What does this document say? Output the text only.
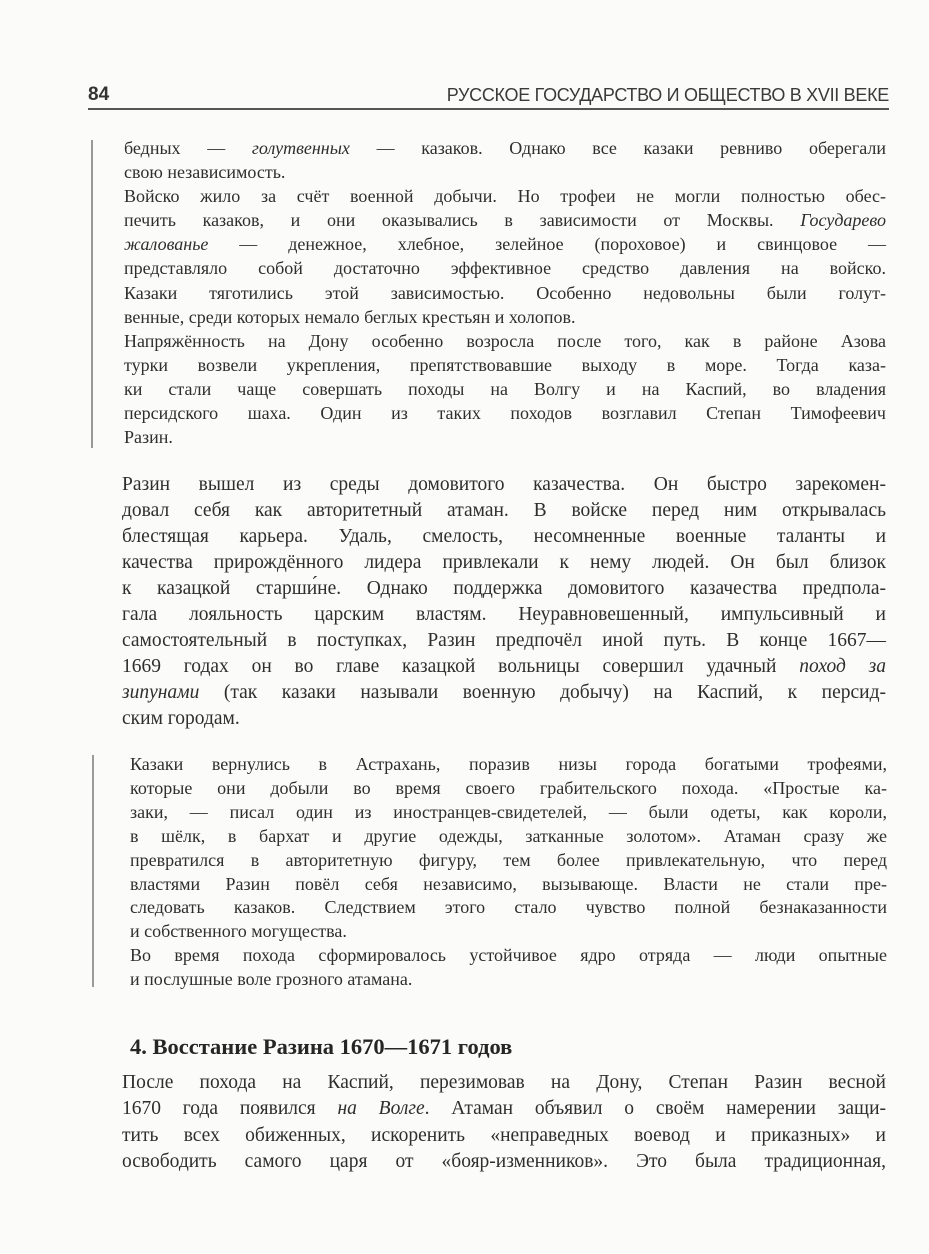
84	РУССКОЕ ГОСУДАРСТВО И ОБЩЕСТВО В XVII ВЕКЕ
бедных — голутвенных — казаков. Однако все казаки ревниво оберегали
свою независимость.
Войско жило за счёт военной добычи. Но трофеи не могли полностью обес-
печить казаков, и они оказывались в зависимости от Москвы. Государево
жалованье — денежное, хлебное, зелейное (пороховое) и свинцовое —
представляло собой достаточно эффективное средство давления на войско.
Казаки тяготились этой зависимостью. Особенно недовольны были голут-
венные, среди которых немало беглых крестьян и холопов.
Напряжённость на Дону особенно возросла после того, как в районе Азова
турки возвели укрепления, препятствовавшие выходу в море. Тогда каза-
ки стали чаще совершать походы на Волгу и на Каспий, во владения
персидского шаха. Один из таких походов возглавил Степан Тимофеевич
Разин.
Разин вышел из среды домовитого казачества. Он быстро зарекомен-
довал себя как авторитетный атаман. В войске перед ним открывалась
блестящая карьера. Удаль, смелость, несомненные военные таланты и
качества прирождённого лидера привлекали к нему людей. Он был близок
к казацкой старши́не. Однако поддержка домовитого казачества предпола-
гала лояльность царским властям. Неуравновешенный, импульсивный и
самостоятельный в поступках, Разин предпочёл иной путь. В конце 1667—
1669 годах он во главе казацкой вольницы совершил удачный поход за
зипунами (так казаки называли военную добычу) на Каспий, к персид-
ским городам.
Казаки вернулись в Астрахань, поразив низы города богатыми трофеями,
которые они добыли во время своего грабительского похода. «Простые ка-
заки, — писал один из иностранцев-свидетелей, — были одеты, как короли,
в шёлк, в бархат и другие одежды, затканные золотом». Атаман сразу же
превратился в авторитетную фигуру, тем более привлекательную, что перед
властями Разин повёл себя независимо, вызывающе. Власти не стали пре-
следовать казаков. Следствием этого стало чувство полной безнаказанности
и собственного могущества.
Во время похода сформировалось устойчивое ядро отряда — люди опытные
и послушные воле грозного атамана.
4. Восстание Разина 1670—1671 годов
После похода на Каспий, перезимовав на Дону, Степан Разин весной
1670 года появился на Волге. Атаман объявил о своём намерении защи-
тить всех обиженных, искоренить «неправедных воевод и приказных» и
освободить самого царя от «бояр-изменников». Это была традиционная,
